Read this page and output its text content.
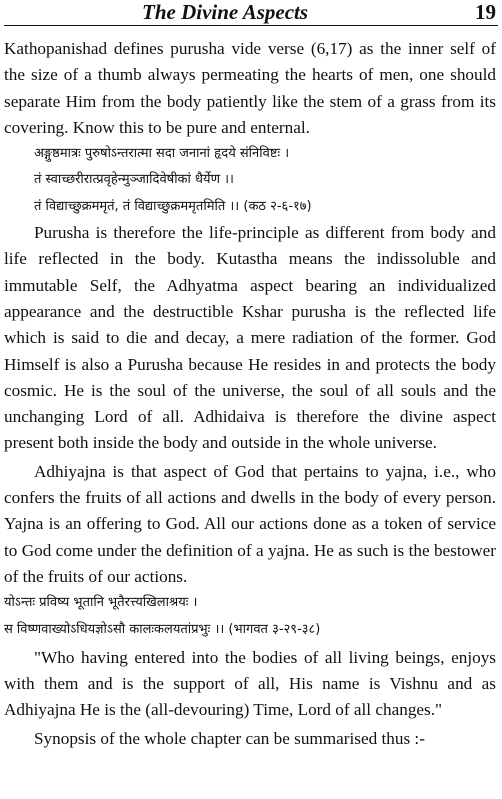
The Divine Aspects	19

Kathopanishad defines purusha vide verse (6,17) as the inner self of the size of a thumb always permeating the hearts of men, one should separate Him from the body patiently like the stem of a grass from its covering. Know this to be pure and enternal.

अङ्गुष्ठमात्रः पुरुषोऽन्तरात्मा सदा जनानां हृदये संनिविष्टः ।

तं स्वाच्छरीरात्प्रवृहेन्मुञ्जादिवेषीकां धैर्येण ।।

तं विद्याच्छुक्रममृतं, तं विद्याच्छुक्रममृतमिति ।। (कठ २-६-१७)

Purusha is therefore the life-principle as different from body and life reflected in the body. Kutastha means the indissoluble and immutable Self, the Adhyatma aspect bearing an individualized appearance and the destructible Kshar purusha is the reflected life which is said to die and decay, a mere radiation of the former. God Himself is also a Purusha because He resides in and protects the body cosmic. He is the soul of the universe, the soul of all souls and the unchanging Lord of all. Adhidaiva is therefore the divine aspect present both inside the body and outside in the whole universe.

Adhiyajna is that aspect of God that pertains to yajna, i.e., who confers the fruits of all actions and dwells in the body of every person. Yajna is an offering to God. All our actions done as a token of service to God come under the definition of a yajna. He as such is the bestower of the fruits of our actions.

योऽन्तः प्रविष्य भूतानि भूतैरत्त्यखिलाश्रयः ।

स विष्णवाख्योऽधियज्ञोऽसौ कालःकलयतांप्रभुः ।। (भागवत ३-२९-३८)

"Who having entered into the bodies of all living beings, enjoys with them and is the support of all, His name is Vishnu and as Adhiyajna He is the (all-devouring) Time, Lord of all changes."

Synopsis of the whole chapter can be summarised thus :-
